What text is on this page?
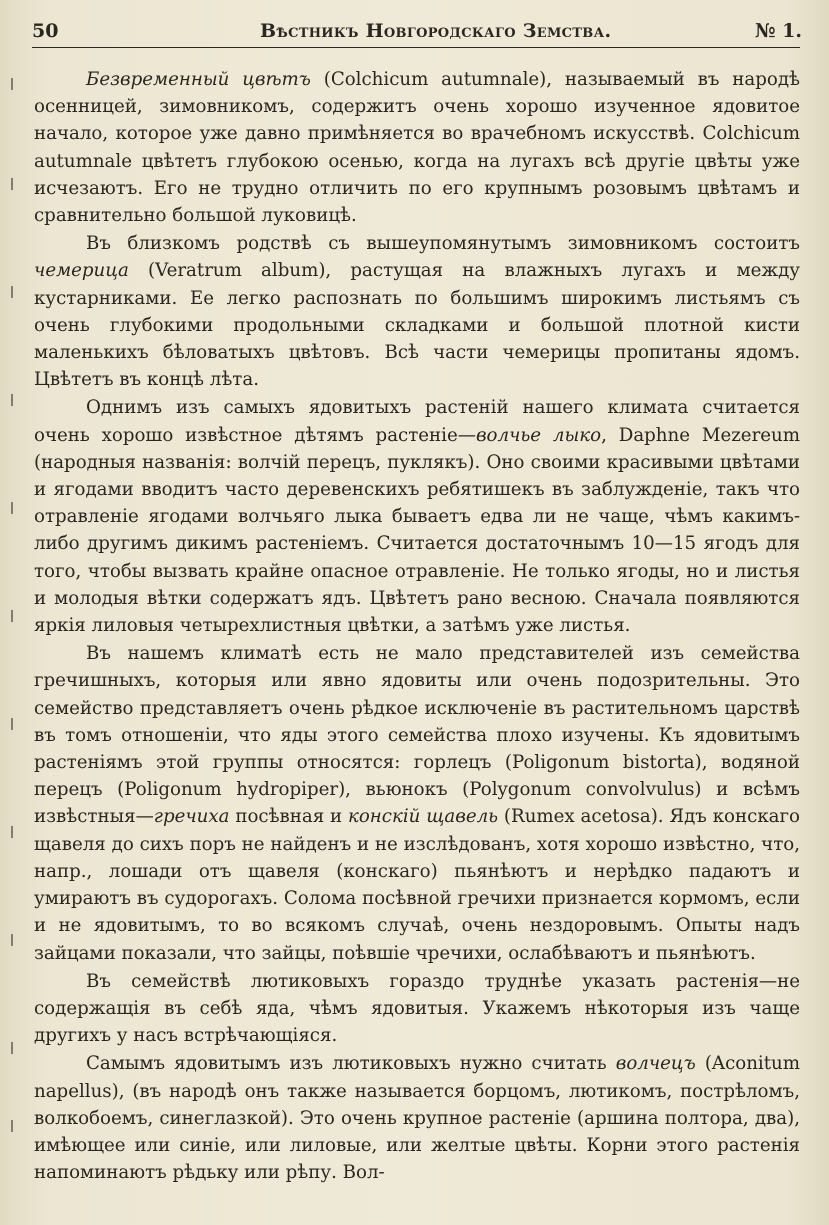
50	Вѣстникъ Новгородскаго Земства.	№ 1.

Безвременный цвѣтъ (Colchicum autumnale), называемый въ народѣ осенницей, зимовникомъ, содержитъ очень хорошо изученное ядовитое начало, которое уже давно примѣняется во врачебномъ искусствѣ. Colchicum autumnale цвѣтетъ глубокою осенью, когда на лугахъ всѣ другіе цвѣты уже исчезаютъ. Его не трудно отличить по его крупнымъ розовымъ цвѣтамъ и сравнительно большой луковицѣ.

Въ близкомъ родствѣ съ вышеупомянутымъ зимовникомъ состоитъ чемерица (Veratrum album), растущая на влажныхъ лугахъ и между кустарниками. Ее легко распознать по большимъ широкимъ листьямъ съ очень глубокими продольными складками и большой плотной кисти маленькихъ бѣловатыхъ цвѣтовъ. Всѣ части чемерицы пропитаны ядомъ. Цвѣтетъ въ концѣ лѣта.

Однимъ изъ самыхъ ядовитыхъ растеній нашего климата считается очень хорошо извѣстное дѣтямъ растеніе—волчье лыко, Daphne Mezereum (народныя названія: волчій перецъ, пуклякъ). Оно своими красивыми цвѣтами и ягодами вводитъ часто деревенскихъ ребятишекъ въ заблужденіе, такъ что отравленіе ягодами волчьяго лыка бываетъ едва ли не чаще, чѣмъ какимъ-либо другимъ дикимъ растеніемъ. Считается достаточнымъ 10—15 ягодъ для того, чтобы вызвать крайне опасное отравленіе. Не только ягоды, но и листья и молодыя вѣтки содержатъ ядъ. Цвѣтетъ рано весною. Сначала появляются яркія лиловыя четырехлистныя цвѣтки, а затѣмъ уже листья.

Въ нашемъ климатѣ есть не мало представителей изъ семейства гречишныхъ, которыя или явно ядовиты или очень подозрительны. Это семейство представляетъ очень рѣдкое исключеніе въ растительномъ царствѣ въ томъ отношеніи, что яды этого семейства плохо изучены. Къ ядовитымъ растеніямъ этой группы относятся: горлецъ (Poligonum bistorta), водяной перецъ (Poligonum hydropiper), вьюнокъ (Polygonum convolvulus) и всѣмъ извѣстныя—гречиха посѣвная и конскій щавель (Rumex acetosa). Ядъ конскаго щавеля до сихъ поръ не найденъ и не изслѣдованъ, хотя хорошо извѣстно, что, напр., лошади отъ щавеля (конскаго) пьянѣютъ и нерѣдко падаютъ и умираютъ въ судорогахъ. Солома посѣвной гречихи признается кормомъ, если и не ядовитымъ, то во всякомъ случаѣ, очень нездоровымъ. Опыты надъ зайцами показали, что зайцы, поѣвшіе чречихи, ослабѣваютъ и пьянѣютъ.

Въ семействѣ лютиковыхъ гораздо труднѣе указать растенія—не содержащія въ себѣ яда, чѣмъ ядовитыя. Укажемъ нѣкоторыя изъ чаще другихъ у насъ встрѣчающіяся.

Самымъ ядовитымъ изъ лютиковыхъ нужно считать волчецъ (Aconitum napellus), (въ народѣ онъ также называется борцомъ, лютикомъ, пострѣломъ, волкобоемъ, синеглазкой). Это очень крупное растеніе (аршина полтора, два), имѣющее или синіе, или лиловые, или желтые цвѣты. Корни этого растенія напоминаютъ рѣдьку или рѣпу. Вол-
